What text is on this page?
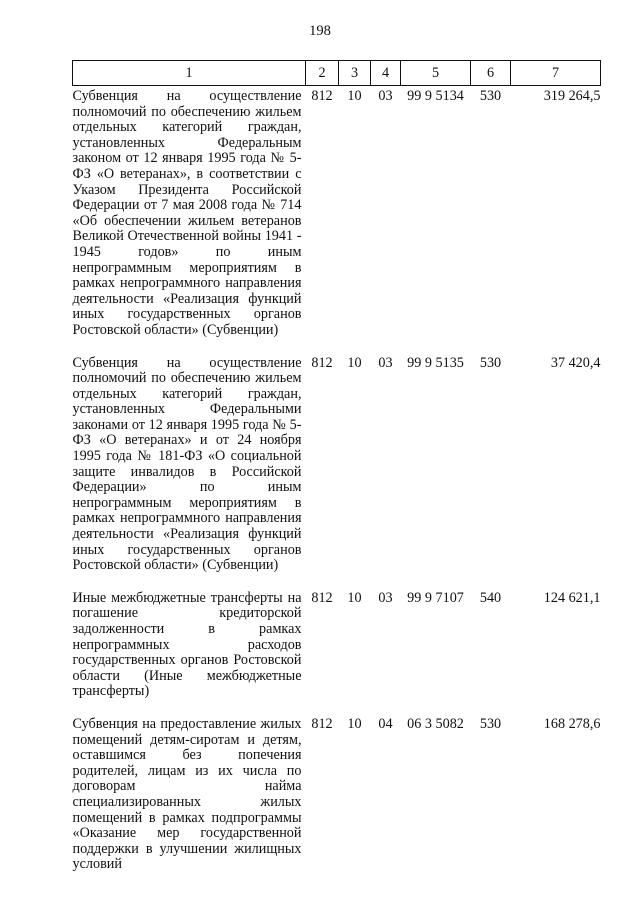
198
1	2	3	4	5	6	7
Субвенция на осуществление полномочий по обеспечению жильем отдельных категорий граждан, установленных Федеральным законом от 12 января 1995 года № 5-ФЗ «О ветеранах», в соответствии с Указом Президента Российской Федерации от 7 мая 2008 года № 714 «Об обеспечении жильем ветеранов Великой Отечественной войны 1941 - 1945 годов» по иным непрограммным мероприятиям в рамках непрограммного направления деятельности «Реализация функций иных государственных органов Ростовской области» (Субвенции)	812	10	03	99 9 5134	530	319 264,5
Субвенция на осуществление полномочий по обеспечению жильем отдельных категорий граждан, установленных Федеральными законами от 12 января 1995 года № 5-ФЗ «О ветеранах» и от 24 ноября 1995 года № 181-ФЗ «О социальной защите инвалидов в Российской Федерации» по иным непрограммным мероприятиям в рамках непрограммного направления деятельности «Реализация функций иных государственных органов Ростовской области» (Субвенции)	812	10	03	99 9 5135	530	37 420,4
Иные межбюджетные трансферты на погашение кредиторской задолженности в рамках непрограммных расходов государственных органов Ростовской области (Иные межбюджетные трансферты)	812	10	03	99 9 7107	540	124 621,1
Субвенция на предоставление жилых помещений детям-сиротам и детям, оставшимся без попечения родителей, лицам из их числа по договорам найма специализированных жилых помещений в рамках подпрограммы «Оказание мер государственной поддержки в улучшении жилищных условий	812	10	04	06 3 5082	530	168 278,6
